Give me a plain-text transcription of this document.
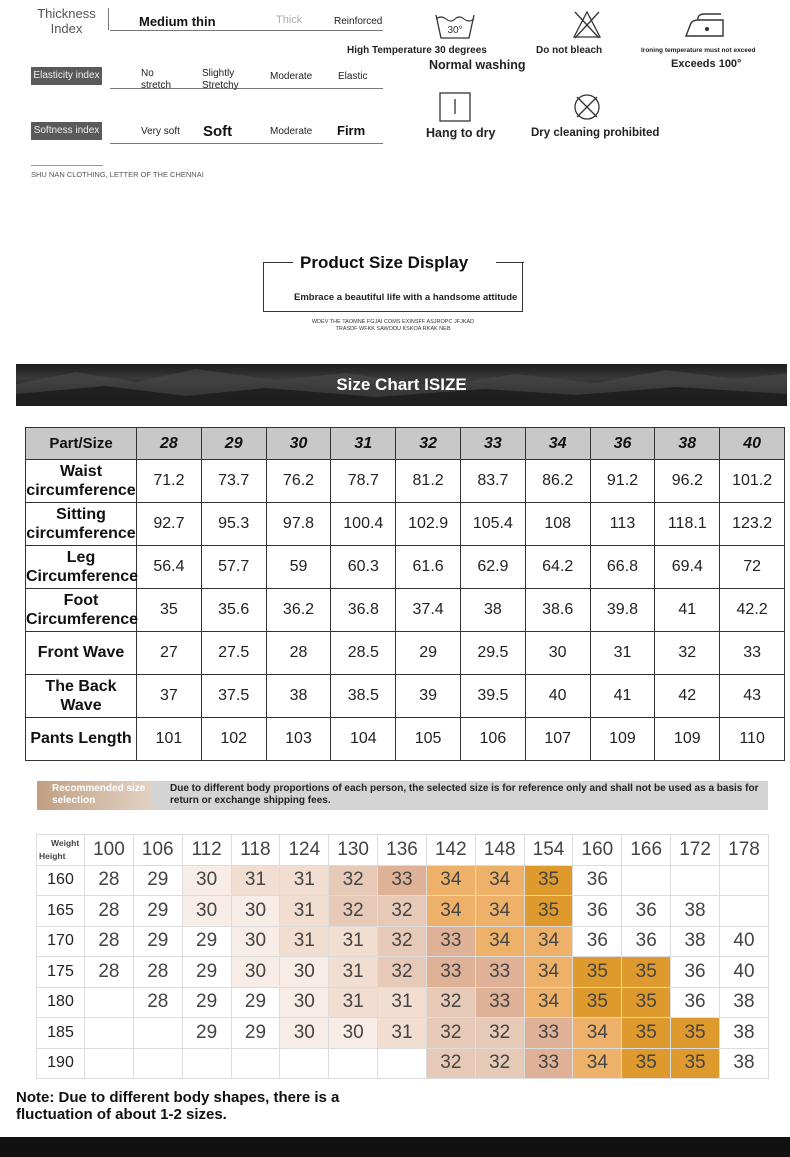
Thickness Index	Medium thin	Thick	Reinforced
Elasticity index	No stretch
Slightly Stretchy
Moderate	Elastic
Softness index	Very soft Soft	Moderate Firm
SHU NAN CLOTHING, LETTER OF THE CHENNAI
30°
High Temperature 30 degrees
Normal washing
Do not bleach	Ironing temperature must not exceed
Exceeds 100°
Hang to dry	Dry cleaning prohibited
Product Size Display
Embrace a beautiful life with a handsome attitude
WDEV THE TAOMNE FGJAI COMS EXINSFF ASJROPC JFJKAD
TRASDF WFKK SAWODU KSKOA RKAK NEB
Size Chart ISIZE
Part/Size	28	29	30	31	32	33	34	36	38	40
Waist circumference	71.2	73.7	76.2	78.7	81.2	83.7	86.2	91.2	96.2	101.2
Sitting circumference	92.7	95.3	97.8	100.4	102.9	105.4	108	113	118.1	123.2
Leg Circumference	56.4	57.7	59	60.3	61.6	62.9	64.2	66.8	69.4	72
Foot Circumference	35	35.6	36.2	36.8	37.4	38	38.6	39.8	41	42.2
Front Wave	27	27.5	28	28.5	29	29.5	30	31	32	33
The Back Wave	37	37.5	38	38.5	39	39.5	40	41	42	43
Pants Length	101	102	103	104	105	106	107	109	109	110
Recommended size selection
Due to different body proportions of each person, the selected size is for reference only and shall not be used as a basis for return or exchange shipping fees.
Weight
Height	100	106	112	118	124	130	136	142	148	154	160	166	172	178
160	28	29	30	31	31	32	33	34	34	35	36			
165	28	29	30	30	31	32	32	34	34	35	36	36	38	
170	28	29	29	30	31	31	32	33	34	34	36	36	38	40
175	28	28	29	30	30	31	32	33	33	34	35	35	36	40
180		28	29	29	30	31	31	32	33	34	35	35	36	38
185			29	29	30	30	31	32	32	33	34	35	35	38
190								32	32	33	34	35	35	38
Note: Due to different body shapes, there is a fluctuation of about 1-2 sizes.
